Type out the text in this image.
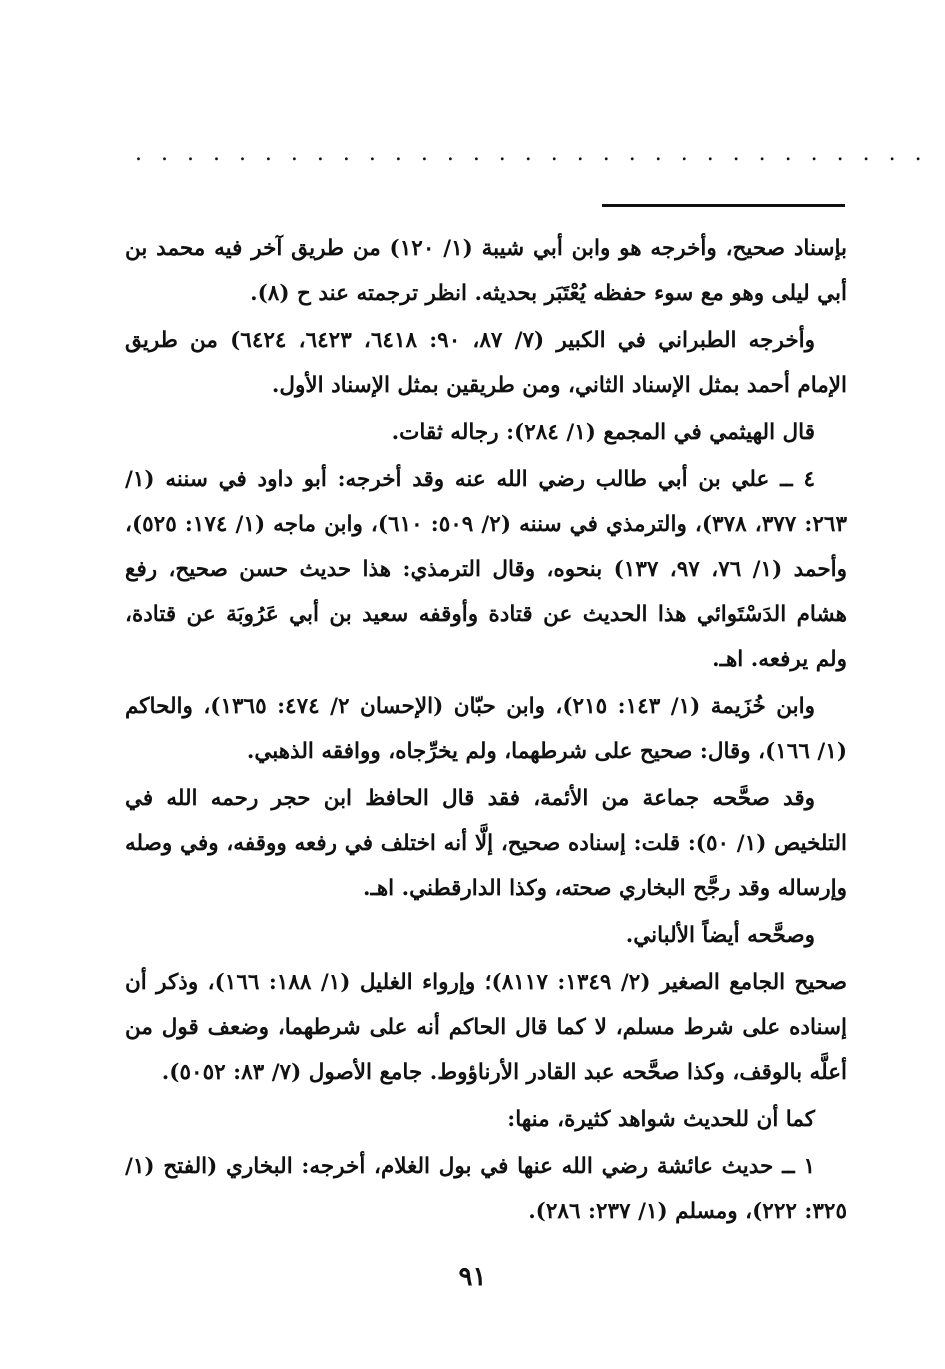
. . . . . . . . . . . . . . . . . . . . . . . . . . . . . . .

بإسناد صحيح، وأخرجه هو وابن أبي شيبة (١/ ١٢٠) من طريق آخر فيه محمد بن أبي ليلى وهو مع سوء حفظه يُعْتَبَر بحديثه. انظر ترجمته عند ح (٨).

وأخرجه الطبراني في الكبير (٧/ ٨٧، ٩٠: ٦٤١٨، ٦٤٢٣، ٦٤٢٤) من طريق الإمام أحمد بمثل الإسناد الثاني، ومن طريقين بمثل الإسناد الأول.

قال الهيثمي في المجمع (١/ ٢٨٤): رجاله ثقات.

٤ ــ علي بن أبي طالب رضي الله عنه وقد أخرجه: أبو داود في سننه (١/ ٢٦٣: ٣٧٧، ٣٧٨)، والترمذي في سننه (٢/ ٥٠٩: ٦١٠)، وابن ماجه (١/ ١٧٤: ٥٢٥)، وأحمد (١/ ٧٦، ٩٧، ١٣٧) بنحوه، وقال الترمذي: هذا حديث حسن صحيح، رفع هشام الدَسْتَوائي هذا الحديث عن قتادة وأوقفه سعيد بن أبي عَرُوبَة عن قتادة، ولم يرفعه. اهـ.

وابن خُزَيمة (١/ ١٤٣: ٢١٥)، وابن حبّان (الإحسان ٢/ ٤٧٤: ١٣٦٥)، والحاكم (١/ ١٦٦)، وقال: صحيح على شرطهما، ولم يخرِّجاه، ووافقه الذهبي.

وقد صحَّحه جماعة من الأئمة، فقد قال الحافظ ابن حجر رحمه الله في التلخيص (١/ ٥٠): قلت: إسناده صحيح، إلَّا أنه اختلف في رفعه ووقفه، وفي وصله وإرساله وقد رجَّح البخاري صحته، وكذا الدارقطني. اهـ.

وصحَّحه أيضاً الألباني.

صحيح الجامع الصغير (٢/ ١٣٤٩: ٨١١٧)؛ وإرواء الغليل (١/ ١٨٨: ١٦٦)، وذكر أن إسناده على شرط مسلم، لا كما قال الحاكم أنه على شرطهما، وضعف قول من أعلَّه بالوقف، وكذا صحَّحه عبد القادر الأرناؤوط. جامع الأصول (٧/ ٨٣: ٥٠٥٢).

كما أن للحديث شواهد كثيرة، منها:

١ ــ حديث عائشة رضي الله عنها في بول الغلام، أخرجه: البخاري (الفتح (١/ ٣٢٥: ٢٢٢)، ومسلم (١/ ٢٣٧: ٢٨٦).

٩١
